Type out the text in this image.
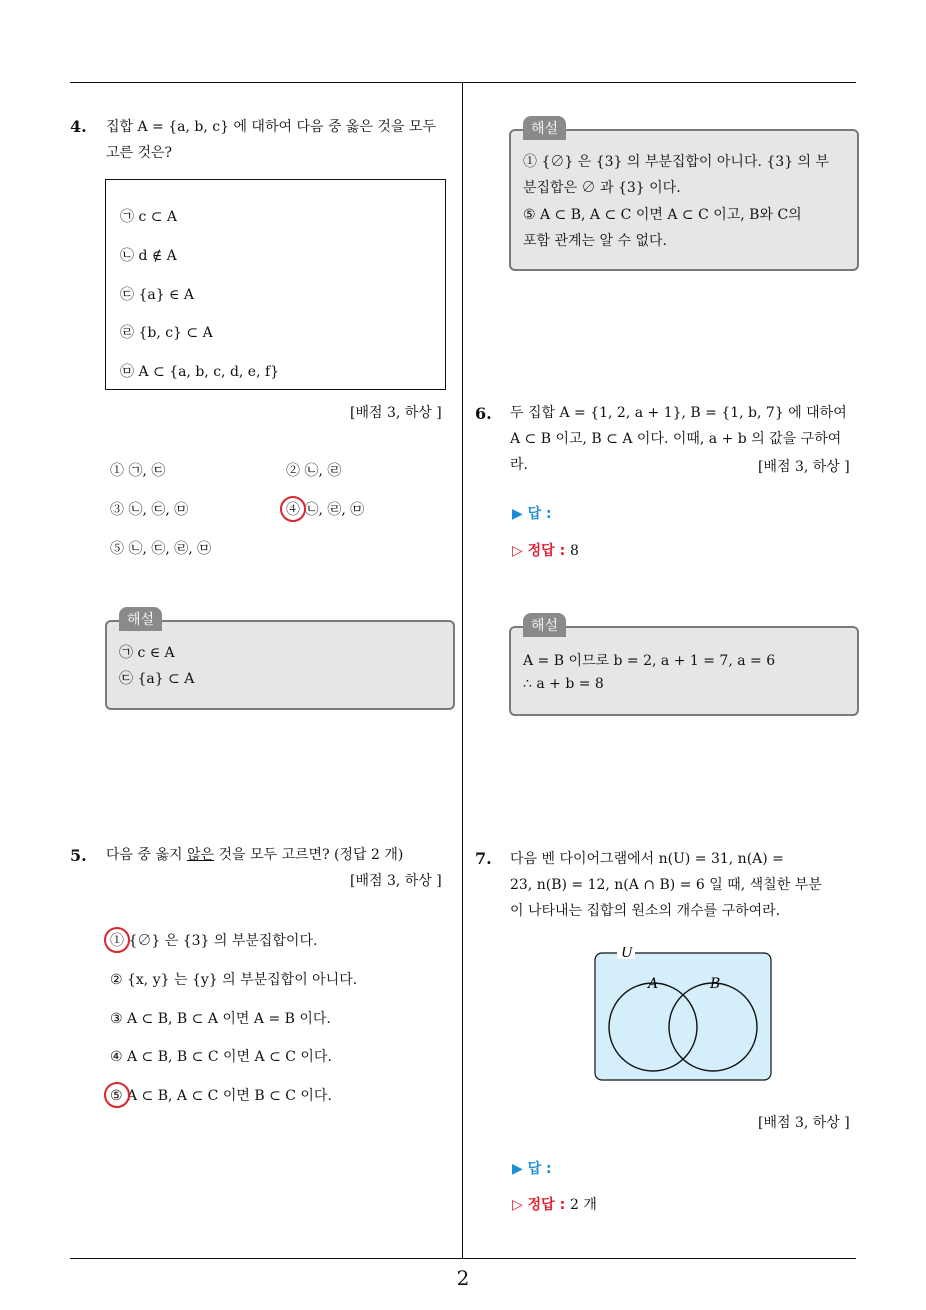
4. 집합 A = {a, b, c} 에 대하여 다음 중 옳은 것을 모두
고른 것은?
㉠ c ⊂ A
㉡ d ∉ A
㉢ {a} ∈ A
㉣ {b, c} ⊂ A
㉤ A ⊂ {a, b, c, d, e, f}
[배점 3, 하상 ]
① ㉠, ㉢	② ㉡, ㉣
③ ㉡, ㉢, ㉤	④ ㉡, ㉣, ㉤
⑤ ㉡, ㉢, ㉣, ㉤
㉠ c ∈ A
㉢ {a} ⊂ A
해설
5. 다음 중 옳지 않은 것을 모두 고르면? (정답 2 개)
[배점 3, 하상 ]
① {∅} 은 {3} 의 부분집합이다.
② {x, y} 는 {y} 의 부분집합이 아니다.
③ A ⊂ B, B ⊂ A 이면 A = B 이다.
④ A ⊂ B, B ⊂ C 이면 A ⊂ C 이다.
⑤ A ⊂ B, A ⊂ C 이면 B ⊂ C 이다.
① {∅} 은 {3} 의 부분집합이 아니다. {3} 의 부
분집합은 ∅ 과 {3} 이다.
⑤ A ⊂ B, A ⊂ C 이면 A ⊂ C 이고, B와 C의
포함 관계는 알 수 없다.
해설
6. 두 집합 A = {1, 2, a + 1}, B = {1, b, 7} 에 대하여
A ⊂ B 이고, B ⊂ A 이다. 이때, a + b 의 값을 구하여
라.	[배점 3, 하상 ]
▶ 답 :
▷ 정답 : 8
A = B 이므로 b = 2, a + 1 = 7, a = 6
∴ a + b = 8
해설
7. 다음 벤 다이어그램에서 n(U) = 31, n(A) =
23, n(B) = 12, n(A ∩ B) = 6 일 때, 색칠한 부분
이 나타내는 집합의 원소의 개수를 구하여라.
U
A	B
[배점 3, 하상 ]
▶ 답 :
▷ 정답 : 2 개
2
